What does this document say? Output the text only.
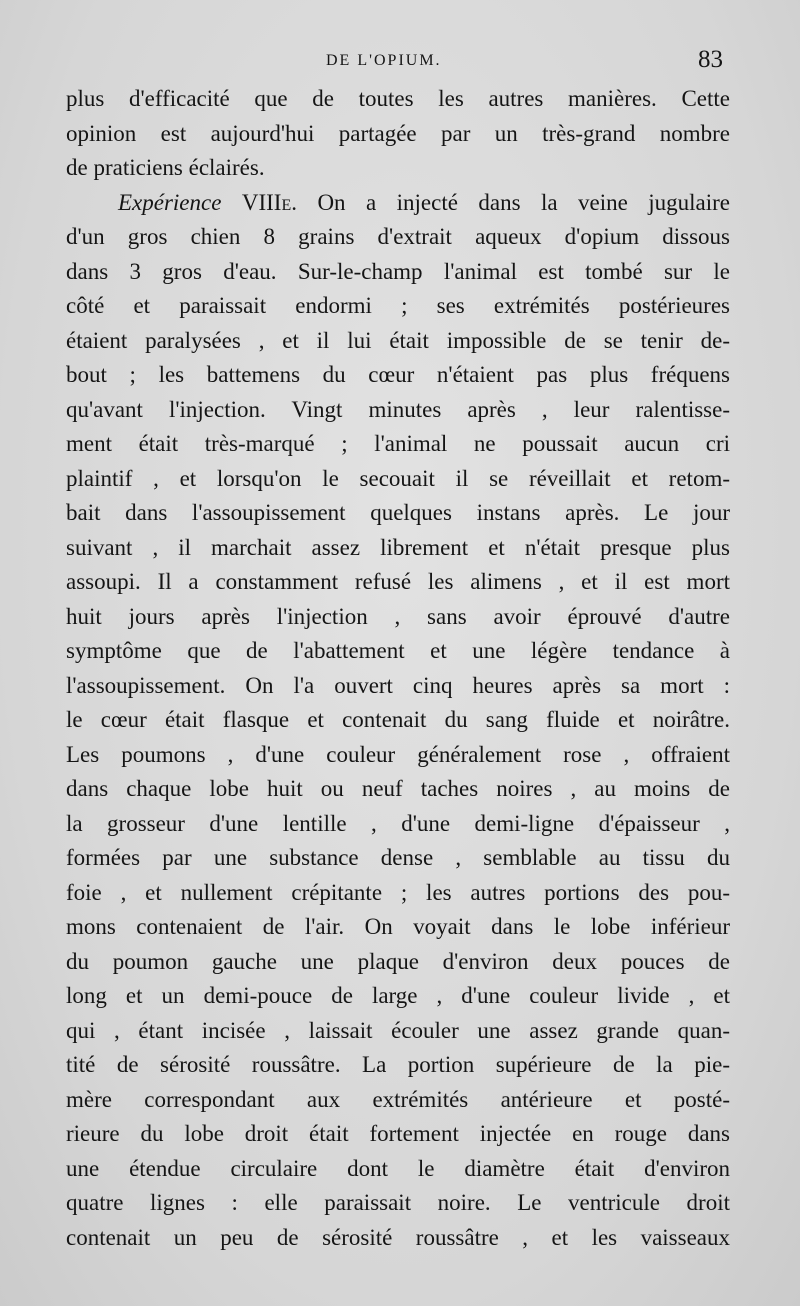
DE L'OPIUM.	83
plus d'efficacité que de toutes les autres manières. Cette
opinion est aujourd'hui partagée par un très-grand nombre
de praticiens éclairés.
Expérience VIIIe. On a injecté dans la veine jugulaire
d'un gros chien 8 grains d'extrait aqueux d'opium dissous
dans 3 gros d'eau. Sur-le-champ l'animal est tombé sur le
côté et paraissait endormi ; ses extrémités postérieures
étaient paralysées , et il lui était impossible de se tenir de-
bout ; les battemens du cœur n'étaient pas plus fréquens
qu'avant l'injection. Vingt minutes après , leur ralentisse-
ment était très-marqué ; l'animal ne poussait aucun cri
plaintif , et lorsqu'on le secouait il se réveillait et retom-
bait dans l'assoupissement quelques instans après. Le jour
suivant , il marchait assez librement et n'était presque plus
assoupi. Il a constamment refusé les alimens , et il est mort
huit jours après l'injection , sans avoir éprouvé d'autre
symptôme que de l'abattement et une légère tendance à
l'assoupissement. On l'a ouvert cinq heures après sa mort :
le cœur était flasque et contenait du sang fluide et noirâtre.
Les poumons , d'une couleur généralement rose , offraient
dans chaque lobe huit ou neuf taches noires , au moins de
la grosseur d'une lentille , d'une demi-ligne d'épaisseur ,
formées par une substance dense , semblable au tissu du
foie , et nullement crépitante ; les autres portions des pou-
mons contenaient de l'air. On voyait dans le lobe inférieur
du poumon gauche une plaque d'environ deux pouces de
long et un demi-pouce de large , d'une couleur livide , et
qui , étant incisée , laissait écouler une assez grande quan-
tité de sérosité roussâtre. La portion supérieure de la pie-
mère correspondant aux extrémités antérieure et posté-
rieure du lobe droit était fortement injectée en rouge dans
une étendue circulaire dont le diamètre était d'environ
quatre lignes : elle paraissait noire. Le ventricule droit
contenait un peu de sérosité roussâtre , et les vaisseaux
